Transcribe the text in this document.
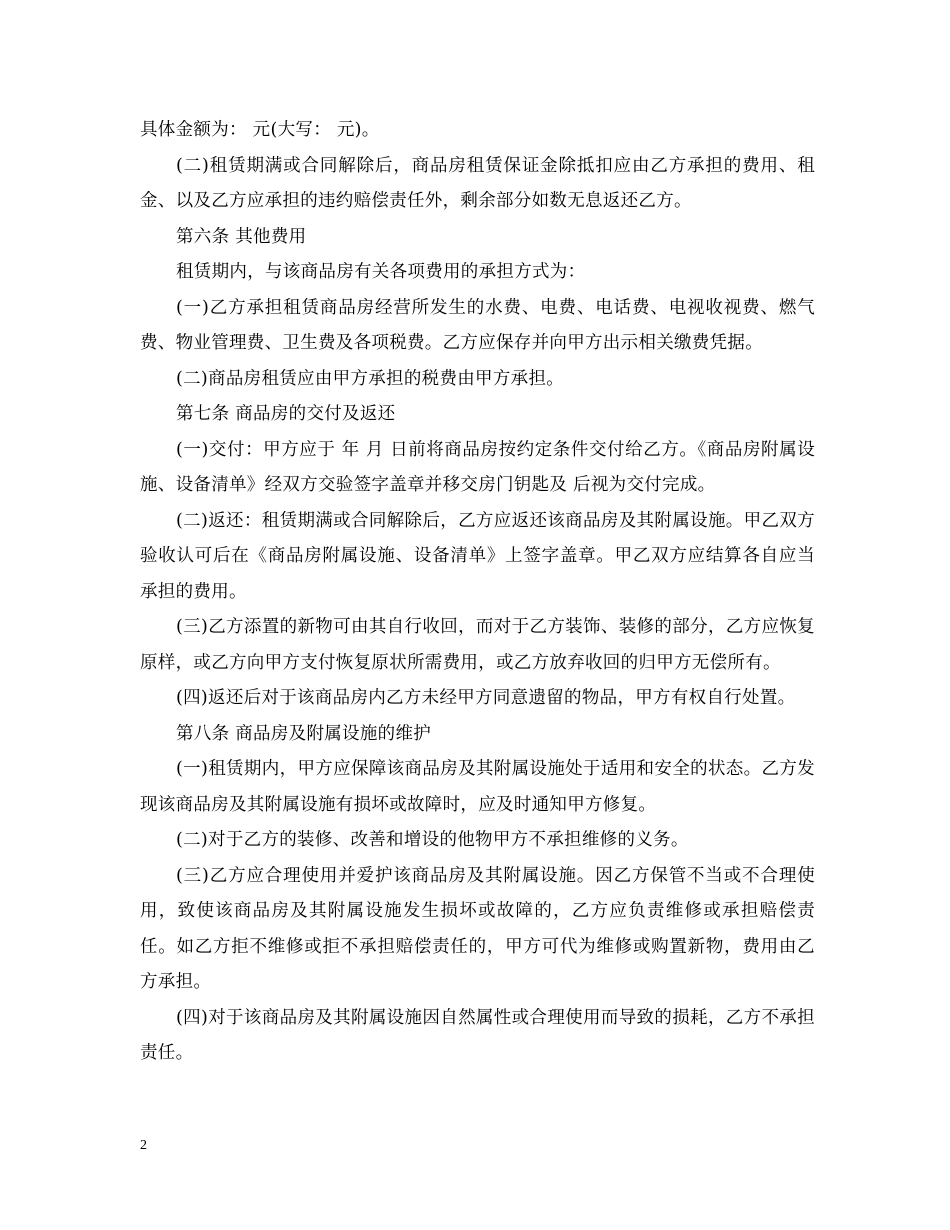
具体金额为： 元(大写： 元)。

(二)租赁期满或合同解除后，商品房租赁保证金除抵扣应由乙方承担的费用、租金、以及乙方应承担的违约赔偿责任外，剩余部分如数无息返还乙方。

第六条 其他费用

租赁期内，与该商品房有关各项费用的承担方式为：

(一)乙方承担租赁商品房经营所发生的水费、电费、电话费、电视收视费、燃气费、物业管理费、卫生费及各项税费。乙方应保存并向甲方出示相关缴费凭据。

(二)商品房租赁应由甲方承担的税费由甲方承担。

第七条 商品房的交付及返还

(一)交付：甲方应于 年 月 日前将商品房按约定条件交付给乙方。《商品房附属设施、设备清单》经双方交验签字盖章并移交房门钥匙及 后视为交付完成。

(二)返还：租赁期满或合同解除后，乙方应返还该商品房及其附属设施。甲乙双方验收认可后在《商品房附属设施、设备清单》上签字盖章。甲乙双方应结算各自应当承担的费用。

(三)乙方添置的新物可由其自行收回，而对于乙方装饰、装修的部分，乙方应恢复原样，或乙方向甲方支付恢复原状所需费用，或乙方放弃收回的归甲方无偿所有。

(四)返还后对于该商品房内乙方未经甲方同意遗留的物品，甲方有权自行处置。

第八条 商品房及附属设施的维护

(一)租赁期内，甲方应保障该商品房及其附属设施处于适用和安全的状态。乙方发现该商品房及其附属设施有损坏或故障时，应及时通知甲方修复。

(二)对于乙方的装修、改善和增设的他物甲方不承担维修的义务。

(三)乙方应合理使用并爱护该商品房及其附属设施。因乙方保管不当或不合理使用，致使该商品房及其附属设施发生损坏或故障的，乙方应负责维修或承担赔偿责任。如乙方拒不维修或拒不承担赔偿责任的，甲方可代为维修或购置新物，费用由乙方承担。

(四)对于该商品房及其附属设施因自然属性或合理使用而导致的损耗，乙方不承担责任。

2
